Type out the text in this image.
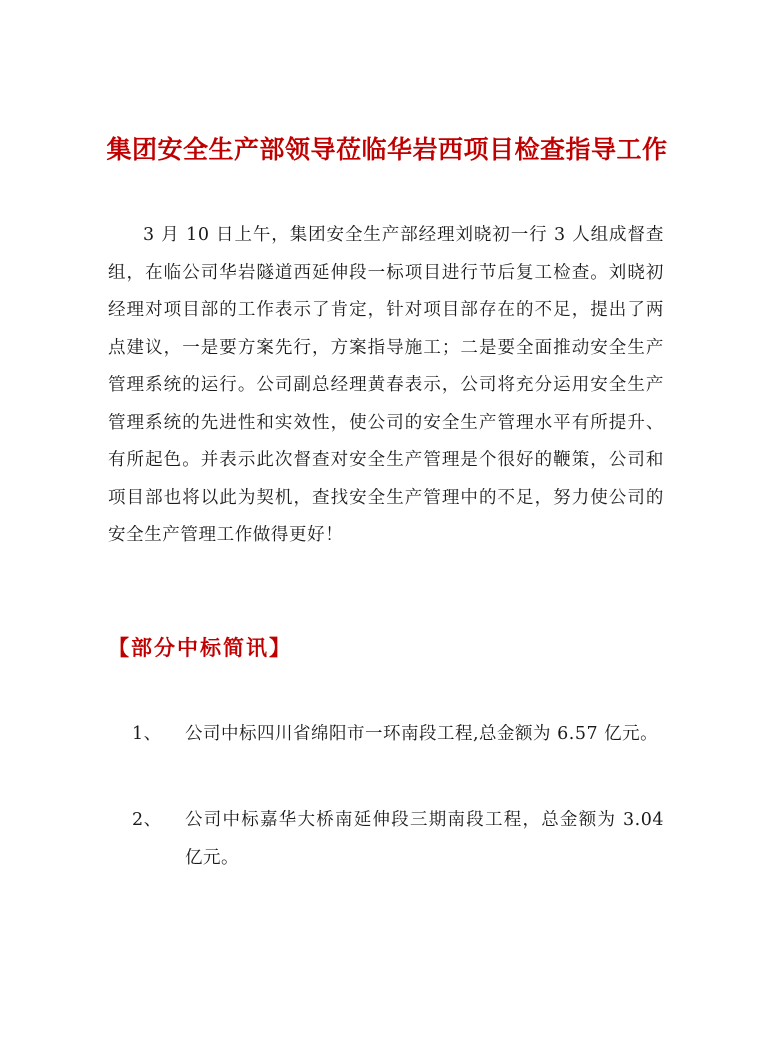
集团安全生产部领导莅临华岩西项目检查指导工作

3 月 10 日上午，集团安全生产部经理刘晓初一行 3 人组成督查组，在临公司华岩隧道西延伸段一标项目进行节后复工检查。刘晓初经理对项目部的工作表示了肯定，针对项目部存在的不足，提出了两点建议，一是要方案先行，方案指导施工；二是要全面推动安全生产管理系统的运行。公司副总经理黄春表示，公司将充分运用安全生产管理系统的先进性和实效性，使公司的安全生产管理水平有所提升、有所起色。并表示此次督查对安全生产管理是个很好的鞭策，公司和项目部也将以此为契机，查找安全生产管理中的不足，努力使公司的安全生产管理工作做得更好！

【部分中标简讯】
1、	公司中标四川省绵阳市一环南段工程,总金额为 6.57 亿元。
2、	公司中标嘉华大桥南延伸段三期南段工程，总金额为 3.04 亿元。
